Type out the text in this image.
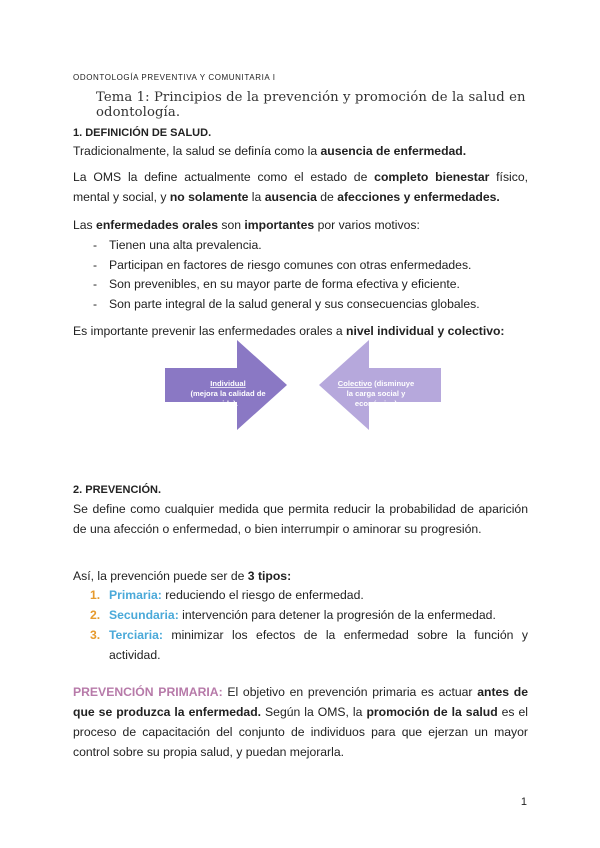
ODONTOLOGÍA PREVENTIVA Y COMUNITARIA I
Tema 1: Principios de la prevención y promoción de la salud en odontología.
1. DEFINICIÓN DE SALUD.
Tradicionalmente, la salud se definía como la ausencia de enfermedad.
La OMS la define actualmente como el estado de completo bienestar físico, mental y social, y no solamente la ausencia de afecciones y enfermedades.
Las enfermedades orales son importantes por varios motivos:
- Tienen una alta prevalencia.
- Participan en factores de riesgo comunes con otras enfermedades.
- Son prevenibles, en su mayor parte de forma efectiva y eficiente.
- Son parte integral de la salud general y sus consecuencias globales.
Es importante prevenir las enfermedades orales a nivel individual y colectivo:
Individual
(mejora la calidad de
vida).
Colectivo (disminuye
la carga social y
económica)
2. PREVENCIÓN.
Se define como cualquier medida que permita reducir la probabilidad de aparición de una afección o enfermedad, o bien interrumpir o aminorar su progresión.
Así, la prevención puede ser de 3 tipos:
1. Primaria: reduciendo el riesgo de enfermedad.
2. Secundaria: intervención para detener la progresión de la enfermedad.
3. Terciaria: minimizar los efectos de la enfermedad sobre la función y actividad.
PREVENCIÓN PRIMARIA: El objetivo en prevención primaria es actuar antes de que se produzca la enfermedad. Según la OMS, la promoción de la salud es el proceso de capacitación del conjunto de individuos para que ejerzan un mayor control sobre su propia salud, y puedan mejorarla.
1
